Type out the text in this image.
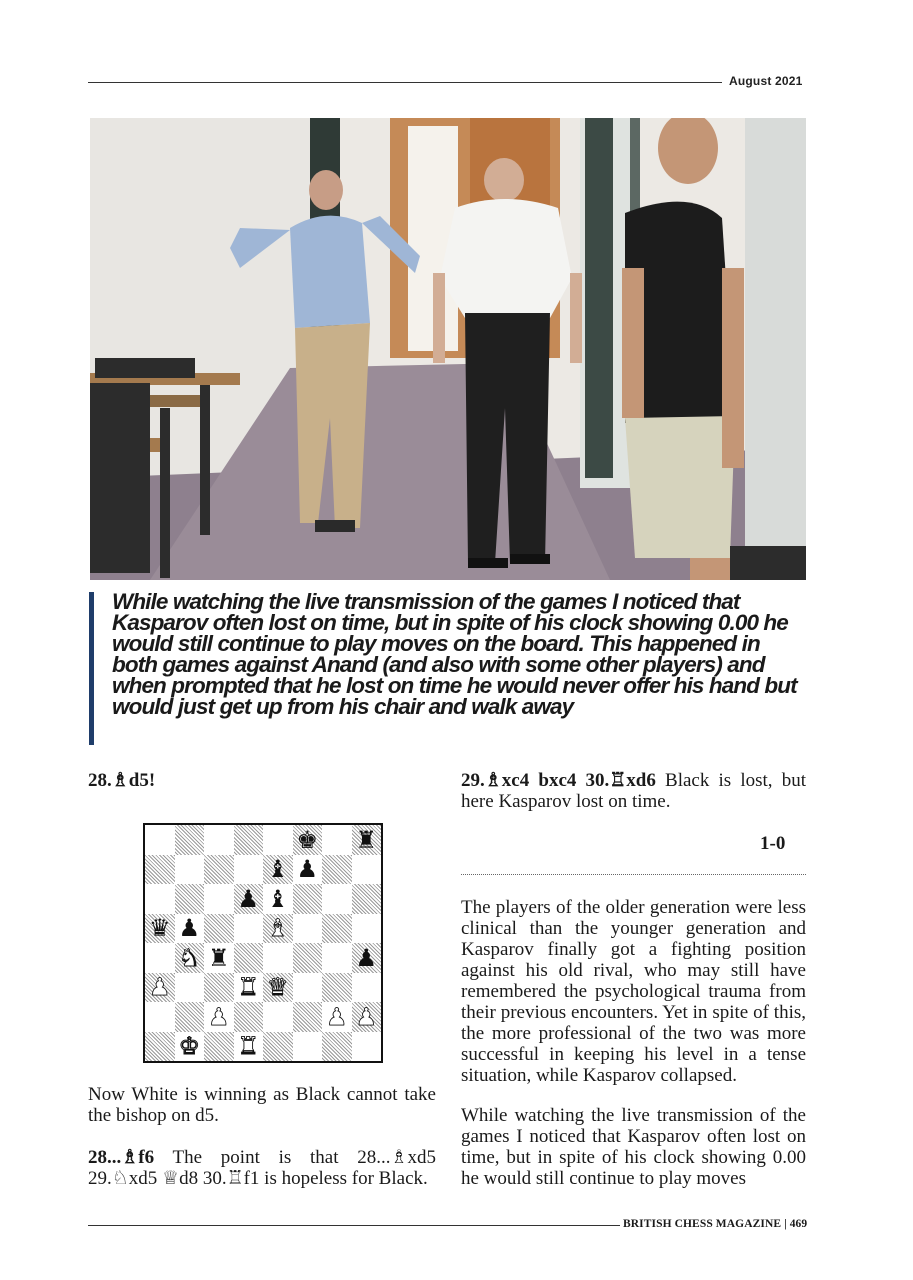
August 2021

While watching the live transmission of the games I noticed that Kasparov often lost on time, but in spite of his clock showing 0.00 he would still continue to play moves on the board. This happened in both games against Anand (and also with some other players) and when prompted that he lost on time he would never offer his hand but would just get up from his chair and walk away

28.♗d5!
♚ ♜
♝ ♟
♟ ♝
♛ ♟	♝
♞ ♜	♟
♟	♜ ♛
♟	♟ ♟
♚ ♜

Now White is winning as Black cannot take the bishop on d5.

28...♗f6 The point is that 28...♗xd5 29.♘xd5 ♕d8 30.♖f1 is hopeless for Black.

29.♗xc4 bxc4 30.♖xd6 Black is lost, but here Kasparov lost on time.

1-0

The players of the older generation were less clinical than the younger generation and Kasparov finally got a fighting position against his old rival, who may still have remembered the psychological trauma from their previous encounters. Yet in spite of this, the more professional of the two was more successful in keeping his level in a tense situation, while Kasparov collapsed.

While watching the live transmission of the games I noticed that Kasparov often lost on time, but in spite of his clock showing 0.00 he would still continue to play moves

BRITISH CHESS MAGAZINE | 469
